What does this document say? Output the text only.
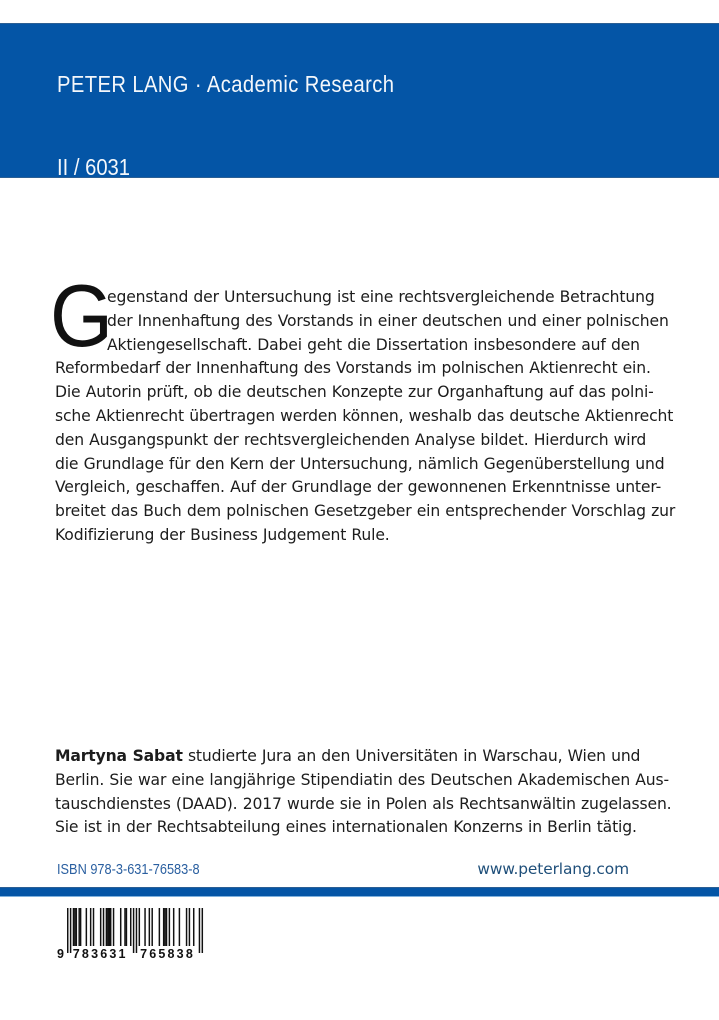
PETER LANG · Academic Research
II / 6031
G
egenstand der Untersuchung ist eine rechtsvergleichende Betrachtung
der Innenhaftung des Vorstands in einer deutschen und einer polnischen
Aktiengesellschaft. Dabei geht die Dissertation insbesondere auf den
Reformbedarf der Innenhaftung des Vorstands im polnischen Aktienrecht ein.
Die Autorin prüft, ob die deutschen Konzepte zur Organhaftung auf das polni-
sche Aktienrecht übertragen werden können, weshalb das deutsche Aktienrecht
den Ausgangspunkt der rechtsvergleichenden Analyse bildet. Hierdurch wird
die Grundlage für den Kern der Untersuchung, nämlich Gegenüberstellung und
Vergleich, geschaffen. Auf der Grundlage der gewonnenen Erkenntnisse unter-
breitet das Buch dem polnischen Gesetzgeber ein entsprechender Vorschlag zur
Kodifizierung der Business Judgement Rule.
Martyna Sabat studierte Jura an den Universitäten in Warschau, Wien und
Berlin. Sie war eine langjährige Stipendiatin des Deutschen Akademischen Aus-
tauschdienstes (DAAD). 2017 wurde sie in Polen als Rechtsanwältin zugelassen.
Sie ist in der Rechtsabteilung eines internationalen Konzerns in Berlin tätig.
ISBN 978-3-631-76583-8	www.peterlang.com
9 783631 765838
